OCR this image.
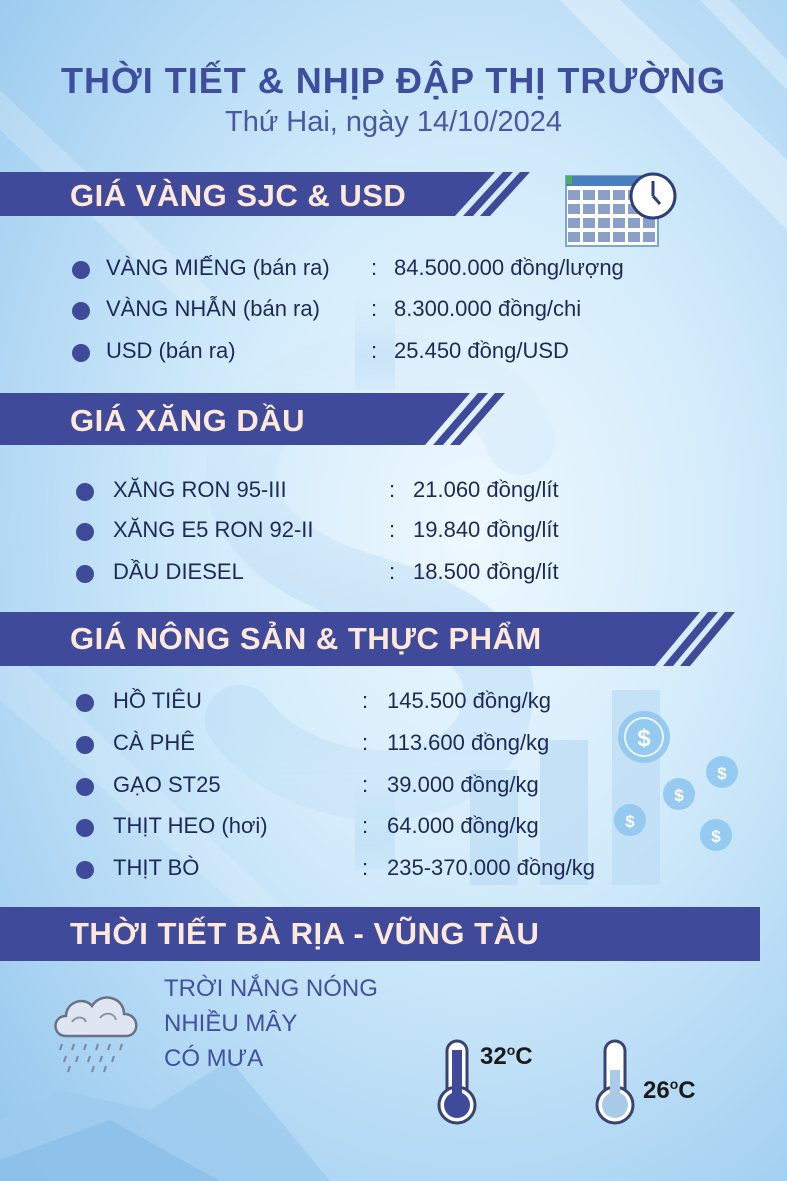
$
$
$
$
$
THỜI TIẾT & NHỊP ĐẬP THỊ TRƯỜNG
Thứ Hai, ngày 14/10/2024
GIÁ VÀNG SJC & USD
VÀNG MIẾNG (bán ra) : 84.500.000 đồng/lượng
VÀNG NHẪN (bán ra) : 8.300.000 đồng/chi
USD (bán ra)	: 25.450 đồng/USD
GIÁ XĂNG DẦU
XĂNG RON 95-III	: 21.060 đồng/lít
XĂNG E5 RON 92-II	: 19.840 đồng/lít
DẦU DIESEL	: 18.500 đồng/lít
GIÁ NÔNG SẢN & THỰC PHẨM
HỒ TIÊU	: 145.500 đồng/kg
CÀ PHÊ	: 113.600 đồng/kg
GẠO ST25	: 39.000 đồng/kg
THỊT HEO (hơi)	: 64.000 đồng/kg
THỊT BÒ	: 235-370.000 đồng/kg
THỜI TIẾT BÀ RỊA - VŨNG TÀU
TRỜI NẮNG NÓNG
NHIỀU MÂY
CÓ MƯA	32$^o$C
26$^o$C
